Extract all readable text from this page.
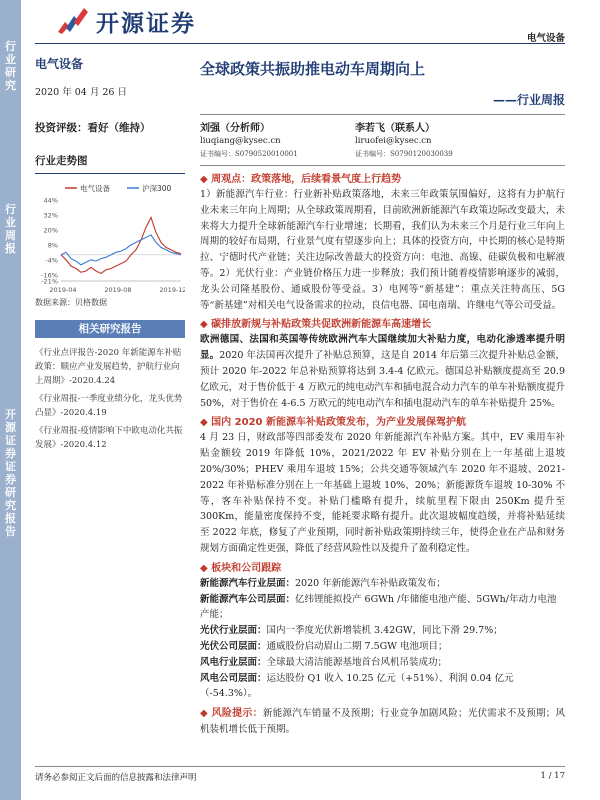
行业研究
行业周报
开源证券 证券研究报告
开源证券
电气设备
电气设备
2020 年 04 月 26 日
投资评级：看好（维持）
行业走势图
电气设备	沪深300
44%
32%
20%
8%
-4%
-16%
-21%
2019-04	2019-08	2019-12
数据来源：贝格数据
相关研究报告
《行业点评报告-2020 年新能源车补贴政策：顺应产业发展趋势，护航行业向上周期》-2020.4.24
《行业周报-一季度业绩分化，龙头优势凸显》-2020.4.19
《行业周报-疫情影响下中欧电动化共振发展》-2020.4.12
全球政策共振助推电动车周期向上
——行业周报
刘强（分析师）
liuqiang@kysec.cn
证书编号：S0790520010001
李若飞（联系人）
liruofei@kysec.cn
证书编号：S0790120030039
◆ 周观点：政策落地，后续看景气度上行趋势
1）新能源汽车行业：行业新补贴政策落地，未来三年政策氛围偏好，这将有力护航行业未来三年向上周期；从全球政策周期看，目前欧洲新能源汽车政策边际改变最大，未来将大力提升全球新能源汽车行业增速；长期看，我们认为未来三个月是行业三年向上周期的较好布局期，行业景气度有望逐步向上；具体的投资方向，中长期的核心是特斯拉、宁德时代产业链；关注边际改善最大的投资方向：电池、高镍、硅碳负极和电解液等。2）光伏行业：产业链价格压力进一步释放；我们预计随着疫情影响逐步的减弱，龙头公司隆基股份、通威股份等受益。3）电网等“新基建”：重点关注特高压、5G 等“新基建”对相关电气设备需求的拉动，良信电器、国电南瑞、许继电气等公司受益。
◆ 碳排放新规与补贴政策共促欧洲新能源车高速增长
欧洲德国、法国和英国等传统欧洲汽车大国继续加大补贴力度，电动化渗透率提升明显。2020 年法国再次提升了补贴总预算，这是自 2014 年后第三次提升补贴总金额，预计 2020 年-2022 年总补贴预算将达到 3.4-4 亿欧元。德国总补贴额度提高至 20.9 亿欧元，对于售价低于 4 万欧元的纯电动汽车和插电混合动力汽车的单车补贴额度提升 50%，对于售价在 4-6.5 万欧元的纯电动汽车和插电混动汽车的单车补贴提升 25%。
◆ 国内 2020 新能源车补贴政策发布，为产业发展保驾护航
4 月 23 日，财政部等四部委发布 2020 年新能源汽车补贴方案。其中，EV 乘用车补贴金额较 2019 年降低 10%，2021/2022 年 EV 补贴分别在上一年基础上退坡 20%/30%；PHEV 乘用车退坡 15%；公共交通等领域汽车 2020 年不退坡、2021-2022 年补贴标准分别在上一年基础上退坡 10%、20%；新能源货车退坡 10-30% 不等，客车补贴保持不变。补贴门槛略有提升，续航里程下限由 250Km 提升至 300Km，能量密度保持不变，能耗要求略有提升。此次退坡幅度趋缓，并将补贴延续至 2022 年底，修复了产业预期，同时新补贴政策期持续三年，使得企业在产品和财务规划方面确定性更强，降低了经营风险性以及提升了盈利稳定性。
◆ 板块和公司跟踪
新能源汽车行业层面：2020 年新能源汽车补贴政策发布；
新能源汽车公司层面：亿纬锂能拟投产 6GWh /年储能电池产能、5GWh/年动力电池产能；
光伏行业层面：国内一季度光伏新增装机 3.42GW，同比下滑 29.7%；
光伏公司层面：通威股份启动眉山二期 7.5GW 电池项目；
风电行业层面：全球最大清洁能源基地首台风机吊装成功；
风电公司层面：运达股份 Q1 收入 10.25 亿元（+51%）、利润 0.04 亿元（-54.3%）。
◆ 风险提示：新能源汽车销量不及预期；行业竞争加剧风险；光伏需求不及预期；风机装机增长低于预期。
请务必参阅正文后面的信息披露和法律声明	1 / 17
